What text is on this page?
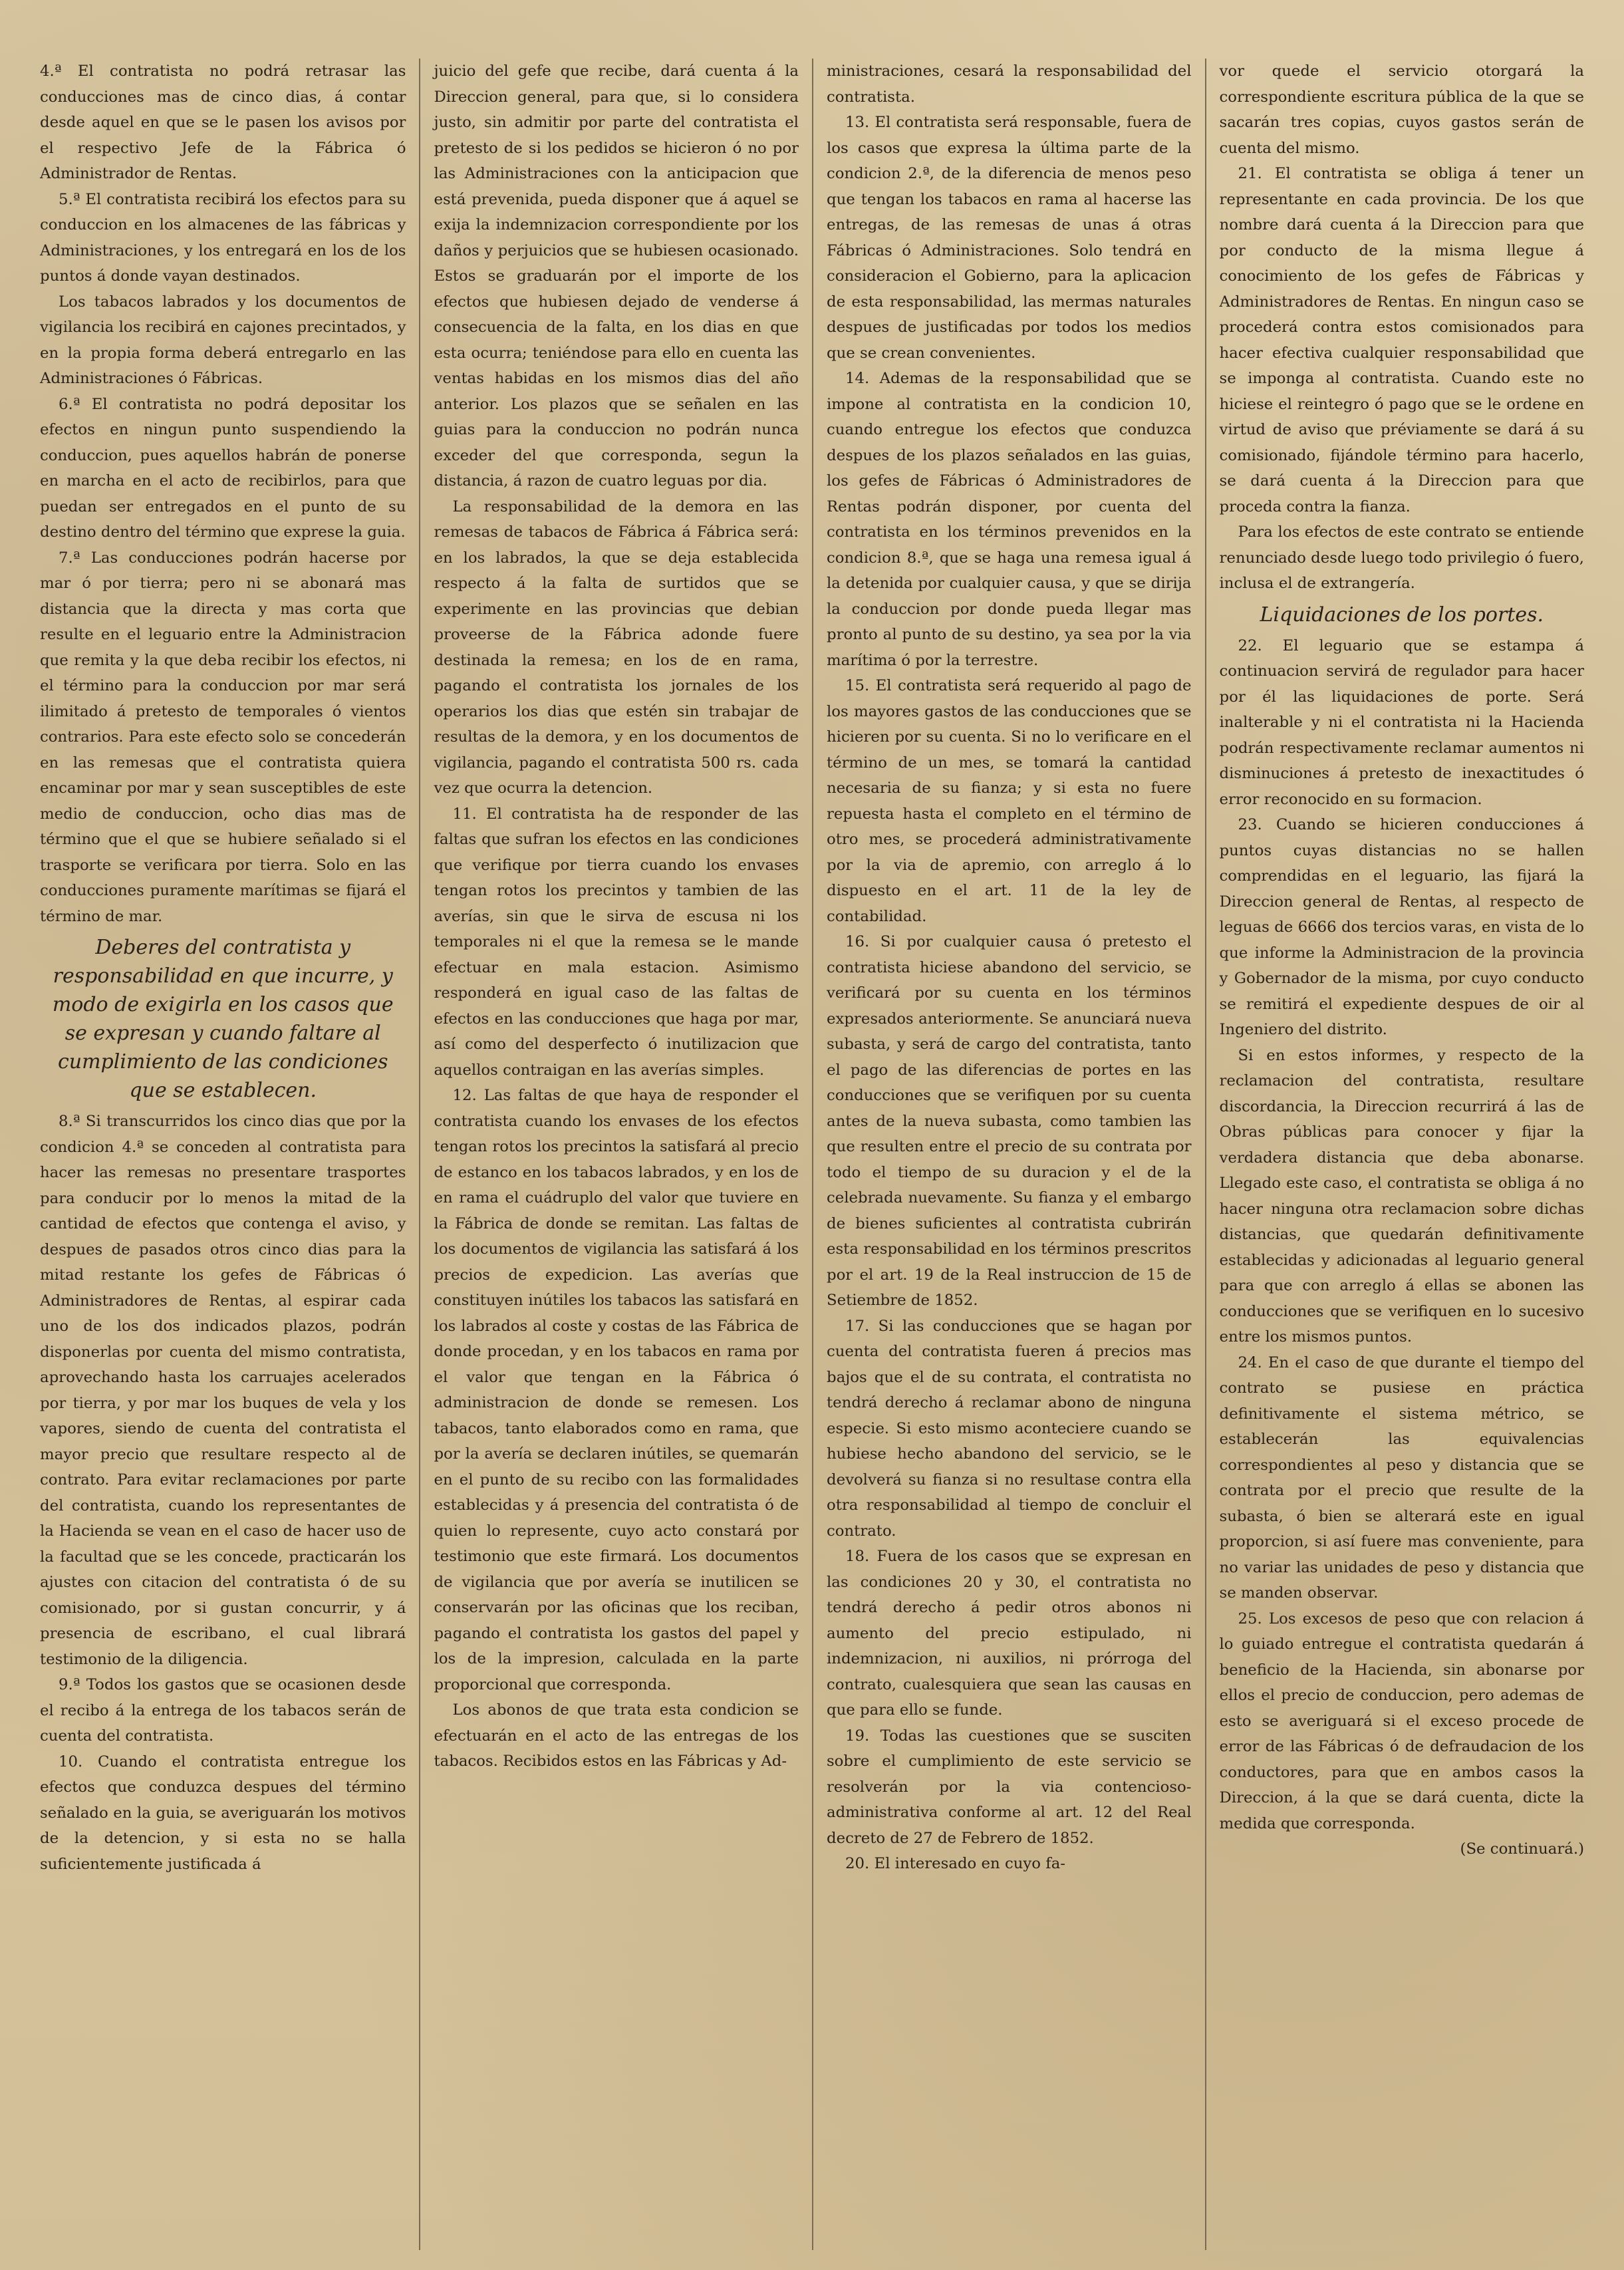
4.ª El contratista no podrá retrasar las conducciones mas de cinco dias, á contar desde aquel en que se le pasen los avisos por el respectivo Jefe de la Fábrica ó Administrador de Rentas.

5.ª El contratista recibirá los efectos para su conduccion en los almacenes de las fábricas y Administraciones, y los entregará en los de los puntos á donde vayan destinados.

Los tabacos labrados y los documentos de vigilancia los recibirá en cajones precintados, y en la propia forma deberá entregarlo en las Administraciones ó Fábricas.

6.ª El contratista no podrá depositar los efectos en ningun punto suspendiendo la conduccion, pues aquellos habrán de ponerse en marcha en el acto de recibirlos, para que puedan ser entregados en el punto de su destino dentro del término que exprese la guia.

7.ª Las conducciones podrán hacerse por mar ó por tierra; pero ni se abonará mas distancia que la directa y mas corta que resulte en el leguario entre la Administracion que remita y la que deba recibir los efectos, ni el término para la conduccion por mar será ilimitado á pretesto de temporales ó vientos contrarios. Para este efecto solo se concederán en las remesas que el contratista quiera encaminar por mar y sean susceptibles de este medio de conduccion, ocho dias mas de término que el que se hubiere señalado si el trasporte se verificara por tierra. Solo en las conducciones puramente marítimas se fijará el término de mar.

Deberes del contratista y responsabilidad en que incurre, y modo de exigirla en los casos que se expresan y cuando faltare al cumplimiento de las condiciones que se establecen.

8.ª Si transcurridos los cinco dias que por la condicion 4.ª se conceden al contratista para hacer las remesas no presentare trasportes para conducir por lo menos la mitad de la cantidad de efectos que contenga el aviso, y despues de pasados otros cinco dias para la mitad restante los gefes de Fábricas ó Administradores de Rentas, al espirar cada uno de los dos indicados plazos, podrán disponerlas por cuenta del mismo contratista, aprovechando hasta los carruajes acelerados por tierra, y por mar los buques de vela y los vapores, siendo de cuenta del contratista el mayor precio que resultare respecto al de contrato. Para evitar reclamaciones por parte del contratista, cuando los representantes de la Hacienda se vean en el caso de hacer uso de la facultad que se les concede, practicarán los ajustes con citacion del contratista ó de su comisionado, por si gustan concurrir, y á presencia de escribano, el cual librará testimonio de la diligencia.

9.ª Todos los gastos que se ocasionen desde el recibo á la entrega de los tabacos serán de cuenta del contratista.

10. Cuando el contratista entregue los efectos que conduzca despues del término señalado en la guia, se averiguarán los motivos de la detencion, y si esta no se halla suficientemente justificada á

juicio del gefe que recibe, dará cuenta á la Direccion general, para que, si lo considera justo, sin admitir por parte del contratista el pretesto de si los pedidos se hicieron ó no por las Administraciones con la anticipacion que está prevenida, pueda disponer que á aquel se exija la indemnizacion correspondiente por los daños y perjuicios que se hubiesen ocasionado. Estos se graduarán por el importe de los efectos que hubiesen dejado de venderse á consecuencia de la falta, en los dias en que esta ocurra; teniéndose para ello en cuenta las ventas habidas en los mismos dias del año anterior. Los plazos que se señalen en las guias para la conduccion no podrán nunca exceder del que corresponda, segun la distancia, á razon de cuatro leguas por dia.

La responsabilidad de la demora en las remesas de tabacos de Fábrica á Fábrica será: en los labrados, la que se deja establecida respecto á la falta de surtidos que se experimente en las provincias que debian proveerse de la Fábrica adonde fuere destinada la remesa; en los de en rama, pagando el contratista los jornales de los operarios los dias que estén sin trabajar de resultas de la demora, y en los documentos de vigilancia, pagando el contratista 500 rs. cada vez que ocurra la detencion.

11. El contratista ha de responder de las faltas que sufran los efectos en las condiciones que verifique por tierra cuando los envases tengan rotos los precintos y tambien de las averías, sin que le sirva de escusa ni los temporales ni el que la remesa se le mande efectuar en mala estacion. Asimismo responderá en igual caso de las faltas de efectos en las conducciones que haga por mar, así como del desperfecto ó inutilizacion que aquellos contraigan en las averías simples.

12. Las faltas de que haya de responder el contratista cuando los envases de los efectos tengan rotos los precintos la satisfará al precio de estanco en los tabacos labrados, y en los de en rama el cuádruplo del valor que tuviere en la Fábrica de donde se remitan. Las faltas de los documentos de vigilancia las satisfará á los precios de expedicion. Las averías que constituyen inútiles los tabacos las satisfará en los labrados al coste y costas de las Fábrica de donde procedan, y en los tabacos en rama por el valor que tengan en la Fábrica ó administracion de donde se remesen. Los tabacos, tanto elaborados como en rama, que por la avería se declaren inútiles, se quemarán en el punto de su recibo con las formalidades establecidas y á presencia del contratista ó de quien lo represente, cuyo acto constará por testimonio que este firmará. Los documentos de vigilancia que por avería se inutilicen se conservarán por las oficinas que los reciban, pagando el contratista los gastos del papel y los de la impresion, calculada en la parte proporcional que corresponda.

Los abonos de que trata esta condicion se efectuarán en el acto de las entregas de los tabacos. Recibidos estos en las Fábricas y Ad-

ministraciones, cesará la responsabilidad del contratista.

13. El contratista será responsable, fuera de los casos que expresa la última parte de la condicion 2.ª, de la diferencia de menos peso que tengan los tabacos en rama al hacerse las entregas, de las remesas de unas á otras Fábricas ó Administraciones. Solo tendrá en consideracion el Gobierno, para la aplicacion de esta responsabilidad, las mermas naturales despues de justificadas por todos los medios que se crean convenientes.

14. Ademas de la responsabilidad que se impone al contratista en la condicion 10, cuando entregue los efectos que conduzca despues de los plazos señalados en las guias, los gefes de Fábricas ó Administradores de Rentas podrán disponer, por cuenta del contratista en los términos prevenidos en la condicion 8.ª, que se haga una remesa igual á la detenida por cualquier causa, y que se dirija la conduccion por donde pueda llegar mas pronto al punto de su destino, ya sea por la via marítima ó por la terrestre.

15. El contratista será requerido al pago de los mayores gastos de las conducciones que se hicieren por su cuenta. Si no lo verificare en el término de un mes, se tomará la cantidad necesaria de su fianza; y si esta no fuere repuesta hasta el completo en el término de otro mes, se procederá administrativamente por la via de apremio, con arreglo á lo dispuesto en el art. 11 de la ley de contabilidad.

16. Si por cualquier causa ó pretesto el contratista hiciese abandono del servicio, se verificará por su cuenta en los términos expresados anteriormente. Se anunciará nueva subasta, y será de cargo del contratista, tanto el pago de las diferencias de portes en las conducciones que se verifiquen por su cuenta antes de la nueva subasta, como tambien las que resulten entre el precio de su contrata por todo el tiempo de su duracion y el de la celebrada nuevamente. Su fianza y el embargo de bienes suficientes al contratista cubrirán esta responsabilidad en los términos prescritos por el art. 19 de la Real instruccion de 15 de Setiembre de 1852.

17. Si las conducciones que se hagan por cuenta del contratista fueren á precios mas bajos que el de su contrata, el contratista no tendrá derecho á reclamar abono de ninguna especie. Si esto mismo aconteciere cuando se hubiese hecho abandono del servicio, se le devolverá su fianza si no resultase contra ella otra responsabilidad al tiempo de concluir el contrato.

18. Fuera de los casos que se expresan en las condiciones 20 y 30, el contratista no tendrá derecho á pedir otros abonos ni aumento del precio estipulado, ni indemnizacion, ni auxilios, ni prórroga del contrato, cualesquiera que sean las causas en que para ello se funde.

19. Todas las cuestiones que se susciten sobre el cumplimiento de este servicio se resolverán por la via contencioso-administrativa conforme al art. 12 del Real decreto de 27 de Febrero de 1852.

20. El interesado en cuyo fa-

vor quede el servicio otorgará la correspondiente escritura pública de la que se sacarán tres copias, cuyos gastos serán de cuenta del mismo.

21. El contratista se obliga á tener un representante en cada provincia. De los que nombre dará cuenta á la Direccion para que por conducto de la misma llegue á conocimiento de los gefes de Fábricas y Administradores de Rentas. En ningun caso se procederá contra estos comisionados para hacer efectiva cualquier responsabilidad que se imponga al contratista. Cuando este no hiciese el reintegro ó pago que se le ordene en virtud de aviso que préviamente se dará á su comisionado, fijándole término para hacerlo, se dará cuenta á la Direccion para que proceda contra la fianza.

Para los efectos de este contrato se entiende renunciado desde luego todo privilegio ó fuero, inclusa el de extrangería.

Liquidaciones de los portes.

22. El leguario que se estampa á continuacion servirá de regulador para hacer por él las liquidaciones de porte. Será inalterable y ni el contratista ni la Hacienda podrán respectivamente reclamar aumentos ni disminuciones á pretesto de inexactitudes ó error reconocido en su formacion.

23. Cuando se hicieren conducciones á puntos cuyas distancias no se hallen comprendidas en el leguario, las fijará la Direccion general de Rentas, al respecto de leguas de 6666 dos tercios varas, en vista de lo que informe la Administracion de la provincia y Gobernador de la misma, por cuyo conducto se remitirá el expediente despues de oir al Ingeniero del distrito.

Si en estos informes, y respecto de la reclamacion del contratista, resultare discordancia, la Direccion recurrirá á las de Obras públicas para conocer y fijar la verdadera distancia que deba abonarse. Llegado este caso, el contratista se obliga á no hacer ninguna otra reclamacion sobre dichas distancias, que quedarán definitivamente establecidas y adicionadas al leguario general para que con arreglo á ellas se abonen las conducciones que se verifiquen en lo sucesivo entre los mismos puntos.

24. En el caso de que durante el tiempo del contrato se pusiese en práctica definitivamente el sistema métrico, se establecerán las equivalencias correspondientes al peso y distancia que se contrata por el precio que resulte de la subasta, ó bien se alterará este en igual proporcion, si así fuere mas conveniente, para no variar las unidades de peso y distancia que se manden observar.

25. Los excesos de peso que con relacion á lo guiado entregue el contratista quedarán á beneficio de la Hacienda, sin abonarse por ellos el precio de conduccion, pero ademas de esto se averiguará si el exceso procede de error de las Fábricas ó de defraudacion de los conductores, para que en ambos casos la Direccion, á la que se dará cuenta, dicte la medida que corresponda.

(Se continuará.)
